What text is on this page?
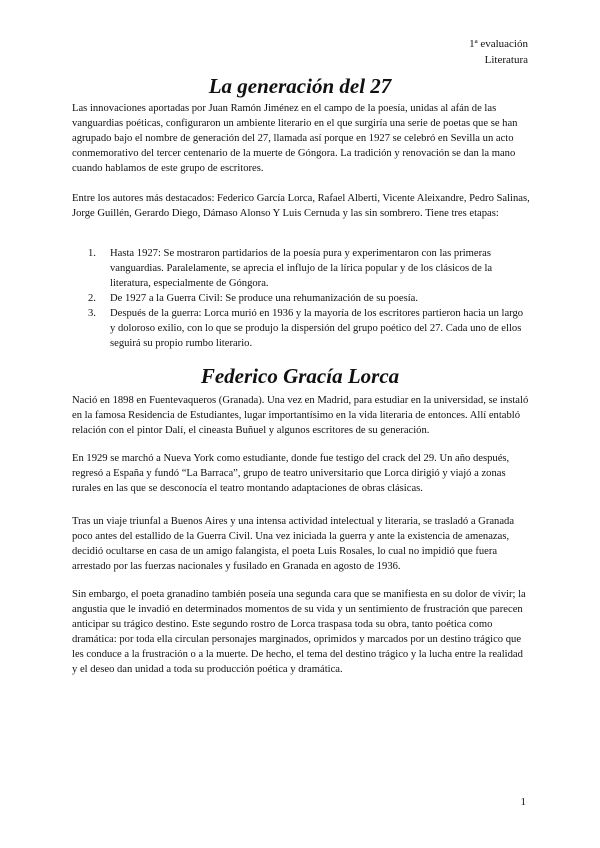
1ª evaluación
Literatura
La generación del 27

Las innovaciones aportadas por Juan Ramón Jiménez en el campo de la poesía, unidas al afán de las vanguardias poéticas, configuraron un ambiente literario en el que surgiría una serie de poetas que se han agrupado bajo el nombre de generación del 27, llamada así porque en 1927 se celebró en Sevilla un acto conmemorativo del tercer centenario de la muerte de Góngora. La tradición y renovación se dan la mano cuando hablamos de este grupo de escritores.

Entre los autores más destacados: Federico García Lorca, Rafael Alberti, Vicente Aleixandre, Pedro Salinas, Jorge Guillén, Gerardo Diego, Dámaso Alonso Y Luis Cernuda y las sin sombrero. Tiene tres etapas:

1. Hasta 1927: Se mostraron partidarios de la poesía pura y experimentaron con las primeras vanguardias. Paralelamente, se aprecia el influjo de la lírica popular y de los clásicos de la literatura, especialmente de Góngora.
2. De 1927 a la Guerra Civil: Se produce una rehumanización de su poesía.
3. Después de la guerra: Lorca murió en 1936 y la mayoría de los escritores partieron hacia un largo y doloroso exilio, con lo que se produjo la dispersión del grupo poético del 27. Cada uno de ellos seguirá su propio rumbo literario.
Federico Gracía Lorca

Nació en 1898 en Fuentevaqueros (Granada). Una vez en Madrid, para estudiar en la universidad, se instaló en la famosa Residencia de Estudiantes, lugar importantísimo en la vida literaria de entonces. Allí entabló relación con el pintor Dalí, el cineasta Buñuel y algunos escritores de su generación.

En 1929 se marchó a Nueva York como estudiante, donde fue testigo del crack del 29. Un año después, regresó a España y fundó “La Barraca”, grupo de teatro universitario que Lorca dirigió y viajó a zonas rurales en las que se desconocía el teatro montando adaptaciones de obras clásicas.

Tras un viaje triunfal a Buenos Aires y una intensa actividad intelectual y literaria, se trasladó a Granada poco antes del estallido de la Guerra Civil. Una vez iniciada la guerra y ante la existencia de amenazas, decidió ocultarse en casa de un amigo falangista, el poeta Luis Rosales, lo cual no impidió que fuera arrestado por las fuerzas nacionales y fusilado en Granada en agosto de 1936.

Sin embargo, el poeta granadino también poseía una segunda cara que se manifiesta en su dolor de vivir; la angustia que le invadió en determinados momentos de su vida y un sentimiento de frustración que parecen anticipar su trágico destino. Este segundo rostro de Lorca traspasa toda su obra, tanto poética como dramática: por toda ella circulan personajes marginados, oprimidos y marcados por un destino trágico que les conduce a la frustración o a la muerte. De hecho, el tema del destino trágico y la lucha entre la realidad y el deseo dan unidad a toda su producción poética y dramática.

1
